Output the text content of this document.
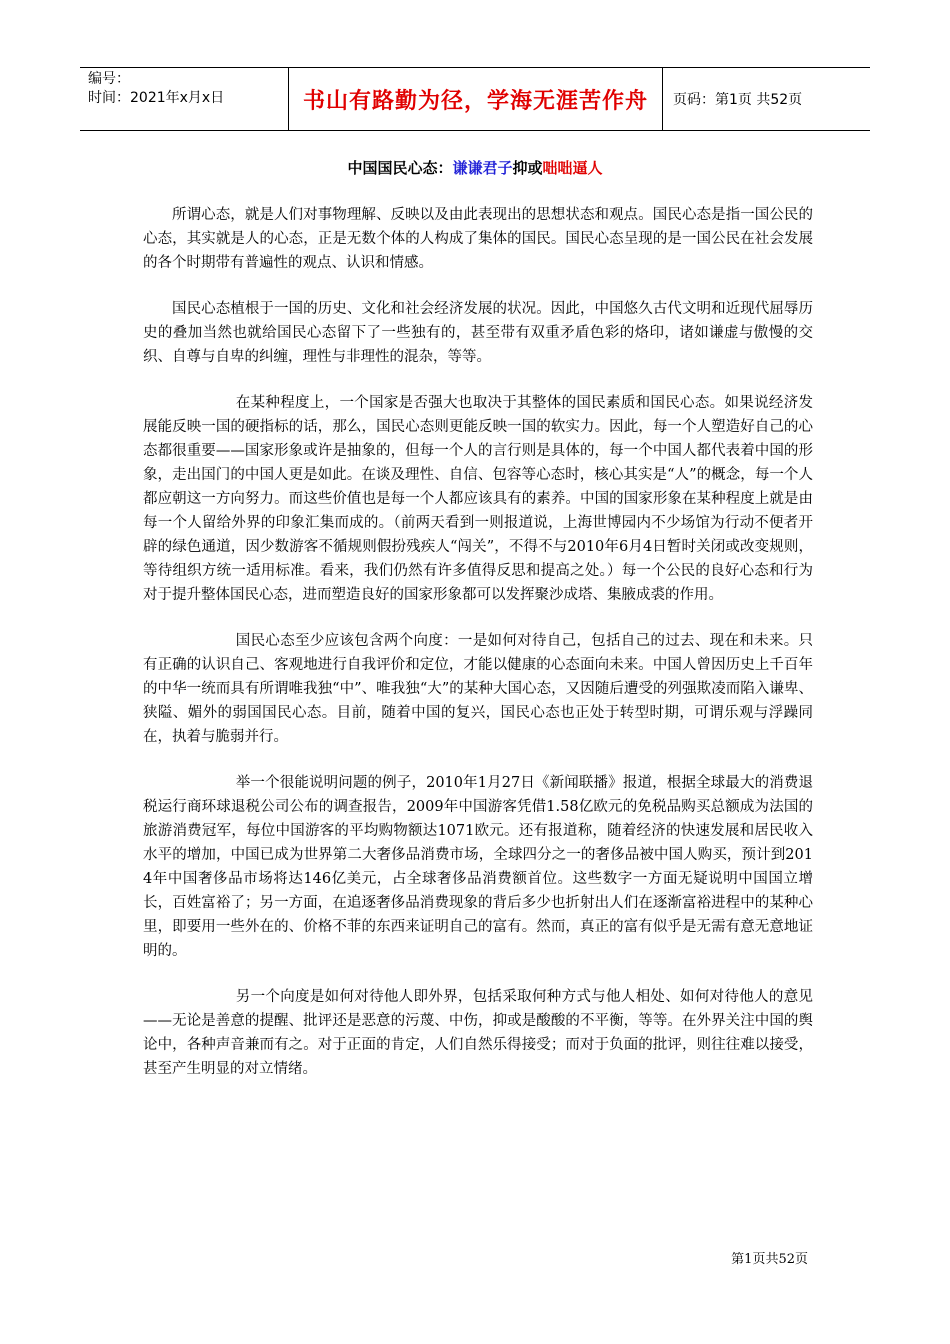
编号：
时间：2021年x月x日	书山有路勤为径，学海无涯苦作舟	页码：第1页 共52页
中国国民心态：谦谦君子抑或咄咄逼人

所谓心态，就是人们对事物理解、反映以及由此表现出的思想状态和观点。国民心态是指一国公民的心态，其实就是人的心态，正是无数个体的人构成了集体的国民。国民心态呈现的是一国公民在社会发展的各个时期带有普遍性的观点、认识和情感。

国民心态植根于一国的历史、文化和社会经济发展的状况。因此，中国悠久古代文明和近现代屈辱历史的叠加当然也就给国民心态留下了一些独有的，甚至带有双重矛盾色彩的烙印，诸如谦虚与傲慢的交织、自尊与自卑的纠缠，理性与非理性的混杂，等等。

在某种程度上，一个国家是否强大也取决于其整体的国民素质和国民心态。如果说经济发展能反映一国的硬指标的话，那么，国民心态则更能反映一国的软实力。因此，每一个人塑造好自己的心态都很重要——国家形象或许是抽象的，但每一个人的言行则是具体的，每一个中国人都代表着中国的形象，走出国门的中国人更是如此。在谈及理性、自信、包容等心态时，核心其实是“人”的概念，每一个人都应朝这一方向努力。而这些价值也是每一个人都应该具有的素养。中国的国家形象在某种程度上就是由每一个人留给外界的印象汇集而成的。（前两天看到一则报道说，上海世博园内不少场馆为行动不便者开辟的绿色通道，因少数游客不循规则假扮残疾人“闯关”，不得不与2010年6月4日暂时关闭或改变规则，等待组织方统一适用标准。看来，我们仍然有许多值得反思和提高之处。）每一个公民的良好心态和行为对于提升整体国民心态，进而塑造良好的国家形象都可以发挥聚沙成塔、集腋成裘的作用。

国民心态至少应该包含两个向度：一是如何对待自己，包括自己的过去、现在和未来。只有正确的认识自己、客观地进行自我评价和定位，才能以健康的心态面向未来。中国人曾因历史上千百年的中华一统而具有所谓唯我独“中”、唯我独“大”的某种大国心态，又因随后遭受的列强欺凌而陷入谦卑、狭隘、媚外的弱国国民心态。目前，随着中国的复兴，国民心态也正处于转型时期，可谓乐观与浮躁同在，执着与脆弱并行。

举一个很能说明问题的例子，2010年1月27日《新闻联播》报道，根据全球最大的消费退税运行商环球退税公司公布的调查报告，2009年中国游客凭借1.58亿欧元的免税品购买总额成为法国的旅游消费冠军，每位中国游客的平均购物额达1071欧元。还有报道称，随着经济的快速发展和居民收入水平的增加，中国已成为世界第二大奢侈品消费市场，全球四分之一的奢侈品被中国人购买，预计到2014年中国奢侈品市场将达146亿美元，占全球奢侈品消费额首位。这些数字一方面无疑说明中国国立增长，百姓富裕了；另一方面，在追逐奢侈品消费现象的背后多少也折射出人们在逐渐富裕进程中的某种心里，即要用一些外在的、价格不菲的东西来证明自己的富有。然而，真正的富有似乎是无需有意无意地证明的。

另一个向度是如何对待他人即外界，包括采取何种方式与他人相处、如何对待他人的意见——无论是善意的提醒、批评还是恶意的污蔑、中伤，抑或是酸酸的不平衡，等等。在外界关注中国的舆论中，各种声音兼而有之。对于正面的肯定，人们自然乐得接受；而对于负面的批评，则往往难以接受，甚至产生明显的对立情绪。

第1页共52页
